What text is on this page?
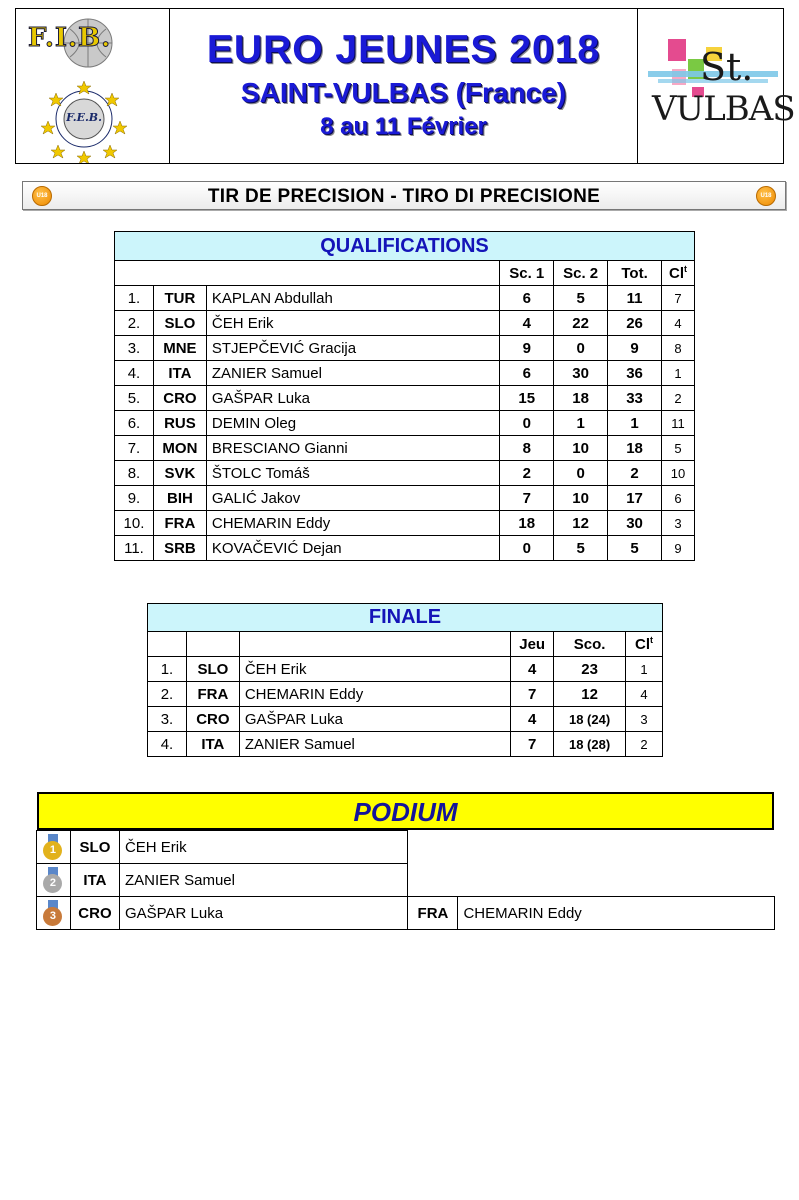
F.I.B.
F.E.B.
EURO JEUNES 2018
SAINT-VULBAS (France)
8 au 11 Février
St.
VULBAS
TIR DE PRECISION - TIRO DI PRECISIONE
U18	U18
QUALIFICATIONS						
			Sc. 1	Sc. 2	Tot.	Cl$^t$
1.	TUR	KAPLAN Abdullah	6	5	11	7
2.	SLO	ČEH Erik	4	22	26	4
3.	MNE	STJEPČEVIĆ Gracija	9	0	9	8
4.	ITA	ZANIER Samuel	6	30	36	1
5.	CRO	GAŠPAR Luka	15	18	33	2
6.	RUS	DEMIN Oleg	0	1	1	11
7.	MON	BRESCIANO Gianni	8	10	18	5
8.	SVK	ŠTOLC Tomáš	2	0	2	10
9.	BIH	GALIĆ Jakov	7	10	17	6
10.	FRA	CHEMARIN Eddy	18	12	30	3
11.	SRB	KOVAČEVIĆ Dejan	0	5	5	9
FINALE					
			Jeu	Sco.	Cl$^t$
1.	SLO	ČEH Erik	4	23	1
2.	FRA	CHEMARIN Eddy	7	12	4
3.	CRO	GAŠPAR Luka	4	18 (24)	3
4.	ITA	ZANIER Samuel	7	18 (28)	2
PODIUM
1	SLO	ČEH Erik		

2	ITA	ZANIER Samuel		

3	CRO	GAŠPAR Luka	FRA	CHEMARIN Eddy
